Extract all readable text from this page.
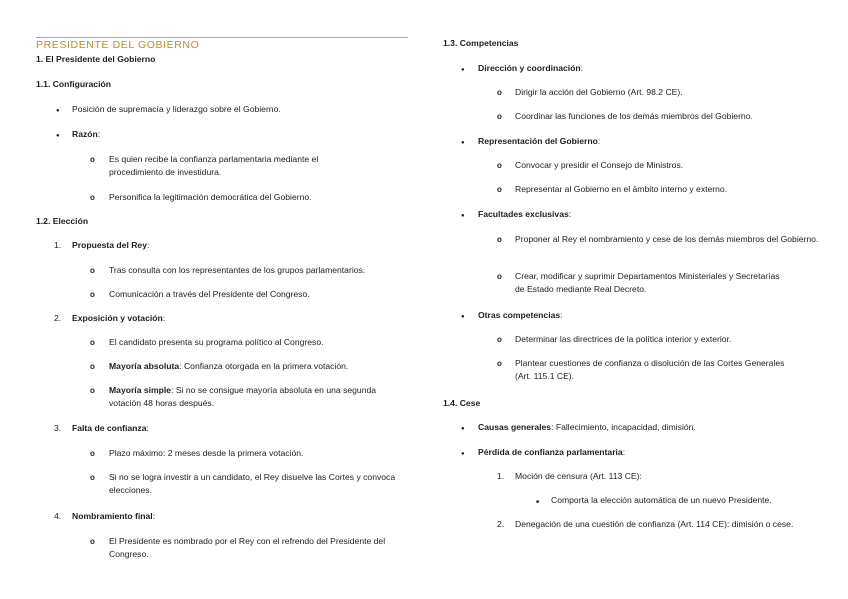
PRESIDENTE DEL GOBIERNO
1. El Presidente del Gobierno
1.1. Configuración
●
Posición de supremacía y liderazgo sobre el Gobierno.
●
Razón:
o
Es quien recibe la confianza parlamentaria mediante el procedimiento de investidura.
o
Personifica la legitimación democrática del Gobierno.
1.2. Elección
1. Propuesta del Rey:
o
Tras consulta con los representantes de los grupos parlamentarios.
o
Comunicación a través del Presidente del Congreso.
2. Exposición y votación:
o
El candidato presenta su programa político al Congreso.
o
Mayoría absoluta: Confianza otorgada en la primera votación.
o
Mayoría simple: Si no se consigue mayoría absoluta en una segunda votación 48 horas después.
3. Falta de confianza:
o
Plazo máximo: 2 meses desde la primera votación.
o
Si no se logra investir a un candidato, el Rey disuelve las Cortes y convoca elecciones.
4. Nombramiento final:
o
El Presidente es nombrado por el Rey con el refrendo del Presidente del Congreso.
1.3. Competencias
●
Dirección y coordinación:
o
Dirigir la acción del Gobierno (Art. 98.2 CE).
o
Coordinar las funciones de los demás miembros del Gobierno.
●
Representación del Gobierno:
o
Convocar y presidir el Consejo de Ministros.
o
Representar al Gobierno en el ámbito interno y externo.
●
Facultades exclusivas:
o
Proponer al Rey el nombramiento y cese de los demás miembros del Gobierno.
o
Crear, modificar y suprimir Departamentos Ministeriales y Secretarías de Estado mediante Real Decreto.
●
Otras competencias:
o
Determinar las directrices de la política interior y exterior.
o
Plantear cuestiones de confianza o disolución de las Cortes Generales (Art. 115.1 CE).
1.4. Cese
●
Causas generales: Fallecimiento, incapacidad, dimisión.
●
Pérdida de confianza parlamentaria:
1. Moción de censura (Art. 113 CE):
■
Comporta la elección automática de un nuevo Presidente.
2. Denegación de una cuestión de confianza (Art. 114 CE): dimisión o cese.
